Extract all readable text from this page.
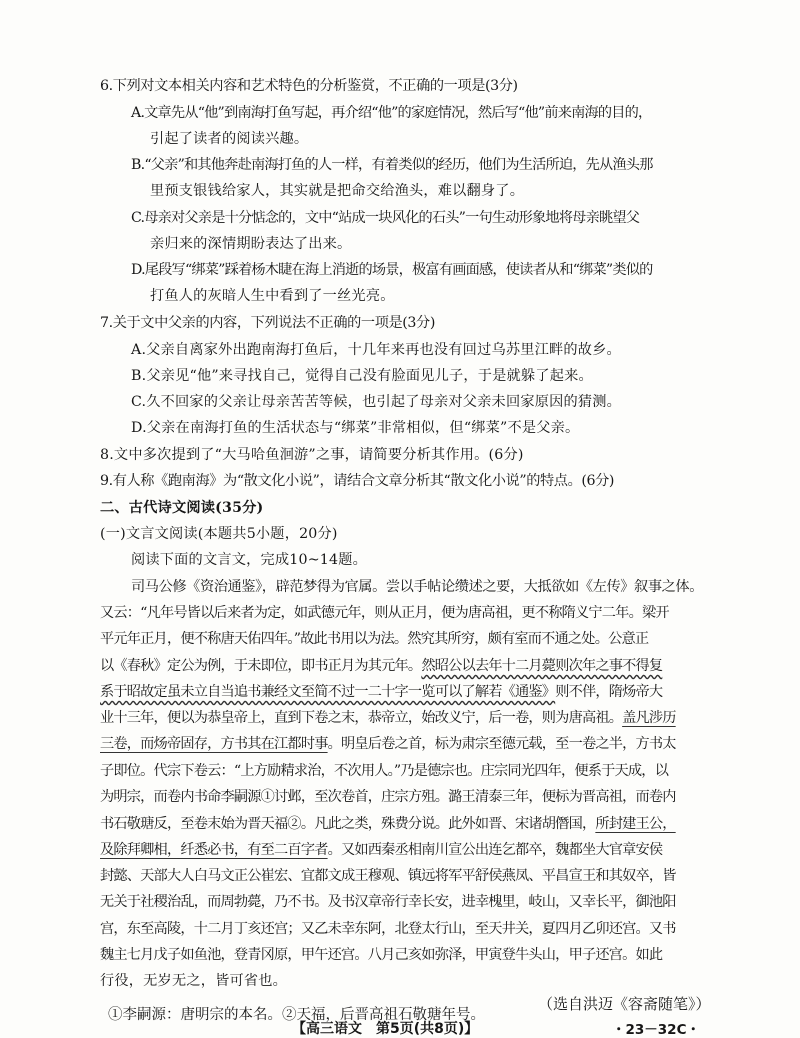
6.下列对文本相关内容和艺术特色的分析鉴赏，不正确的一项是(3分)
A.文章先从“他”到南海打鱼写起，再介绍“他”的家庭情况，然后写“他”前来南海的目的，
引起了读者的阅读兴趣。
B.“父亲”和其他奔赴南海打鱼的人一样，有着类似的经历，他们为生活所迫，先从渔头那
里预支银钱给家人，其实就是把命交给渔头，难以翻身了。
C.母亲对父亲是十分惦念的，文中“站成一块风化的石头”一句生动形象地将母亲眺望父
亲归来的深情期盼表达了出来。
D.尾段写“绑菜”踩着杨木睫在海上消逝的场景，极富有画面感，使读者从和“绑菜”类似的
打鱼人的灰暗人生中看到了一丝光亮。
7.关于文中父亲的内容，下列说法不正确的一项是(3分)
A.父亲自离家外出跑南海打鱼后，十几年来再也没有回过乌苏里江畔的故乡。
B.父亲见“他”来寻找自己，觉得自己没有脸面见儿子，于是就躲了起来。
C.久不回家的父亲让母亲苦苦等候，也引起了母亲对父亲未回家原因的猜测。
D.父亲在南海打鱼的生活状态与“绑菜”非常相似，但“绑菜”不是父亲。
8.文中多次提到了“大马哈鱼洄游”之事，请简要分析其作用。(6分)
9.有人称《跑南海》为“散文化小说”，请结合文章分析其“散文化小说”的特点。(6分)
二、古代诗文阅读(35分)
(一)文言文阅读(本题共5小题，20分)
阅读下面的文言文，完成10~14题。
司马公修《资治通鉴》，辟范梦得为官属。尝以手帖论缵述之要，大抵欲如《左传》叙事之体。
又云：“凡年号皆以后来者为定，如武德元年，则从正月，便为唐高祖，更不称隋义宁二年。梁开
平元年正月，便不称唐天佑四年。”故此书用以为法。然究其所穷，颇有室而不通之处。公意正
以《春秋》定公为例，于未即位，即书正月为其元年。然昭公以去年十二月薨则次年之事不得复
系于昭故定虽未立自当追书兼经文至简不过一二十字一览可以了解若《通鉴》则不伴，隋炀帝大
业十三年，便以为恭皇帝上，直到下卷之末，恭帝立，始改义宁，后一卷，则为唐高祖。盖凡涉历
三卷，而炀帝固存，方书其在江都时事。明皇后卷之首，标为肃宗至德元载，至一卷之半，方书太
子即位。代宗下卷云：“上方励精求治，不次用人。”乃是德宗也。庄宗同光四年，便系于天成，以
为明宗，而卷内书命李嗣源①讨邺，至次卷首，庄宗方殂。潞王清泰三年，便标为晋高祖，而卷内
书石敬瑭反，至卷末始为晋天福②。凡此之类，殊费分说。此外如晋、宋诸胡僭国，所封建王公，
及除拜卿相，纤悉必书，有至二百字者。又如西秦丞相南川宣公出连乞都卒，魏都坐大官章安侯
封懿、天部大人白马文正公崔宏、宜都文成王穆观、镇远将军平舒侯燕凤、平昌宣王和其奴卒，皆
无关于社稷治乱，而周勃薨，乃不书。及书汉章帝行幸长安，进幸槐里，岐山，又幸长平，御池阳
宫，东至高陵，十二月丁亥还宫；又乙未幸东阿，北登太行山，至天井关，夏四月乙卯还宫。又书
魏主七月戊子如鱼池，登青冈原，甲午还宫。八月己亥如弥泽，甲寅登牛头山，甲子还宫。如此
行役，无岁无之，皆可省也。
（选自洪迈《容斋随笔》）
①李嗣源：唐明宗的本名。②天福，后晋高祖石敬瑭年号。
【高三语文　第5页(共8页)】	・23－32C・
